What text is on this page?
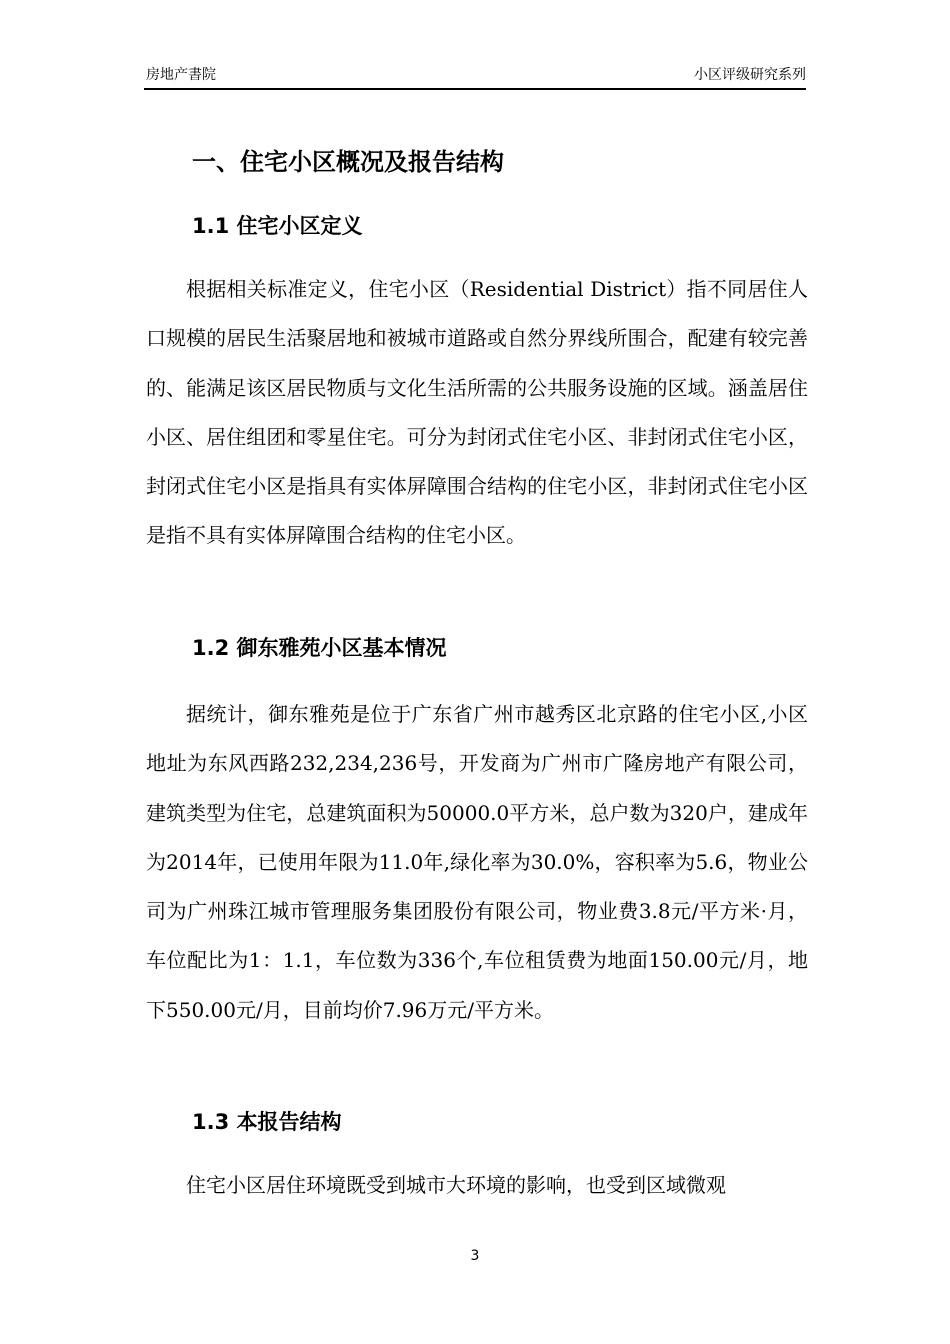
房地产書院	小区评级研究系列
一、住宅小区概况及报告结构
1.1 住宅小区定义

根据相关标准定义，住宅小区（Residential District）指不同居住人口规模的居民生活聚居地和被城市道路或自然分界线所围合，配建有较完善的、能满足该区居民物质与文化生活所需的公共服务设施的区域。涵盖居住小区、居住组团和零星住宅。可分为封闭式住宅小区、非封闭式住宅小区，封闭式住宅小区是指具有实体屏障围合结构的住宅小区，非封闭式住宅小区是指不具有实体屏障围合结构的住宅小区。

1.2 御东雅苑小区基本情况

据统计，御东雅苑是位于广东省广州市越秀区北京路的住宅小区,小区地址为东风西路232,234,236号，开发商为广州市广隆房地产有限公司，建筑类型为住宅，总建筑面积为50000.0平方米，总户数为320户，建成年为2014年，已使用年限为11.0年,绿化率为30.0%，容积率为5.6，物业公司为广州珠江城市管理服务集团股份有限公司，物业费3.8元/平方米·月，车位配比为1：1.1，车位数为336个,车位租赁费为地面150.00元/月，地下550.00元/月，目前均价7.96万元/平方米。

1.3 本报告结构

住宅小区居住环境既受到城市大环境的影响，也受到区域微观

3
